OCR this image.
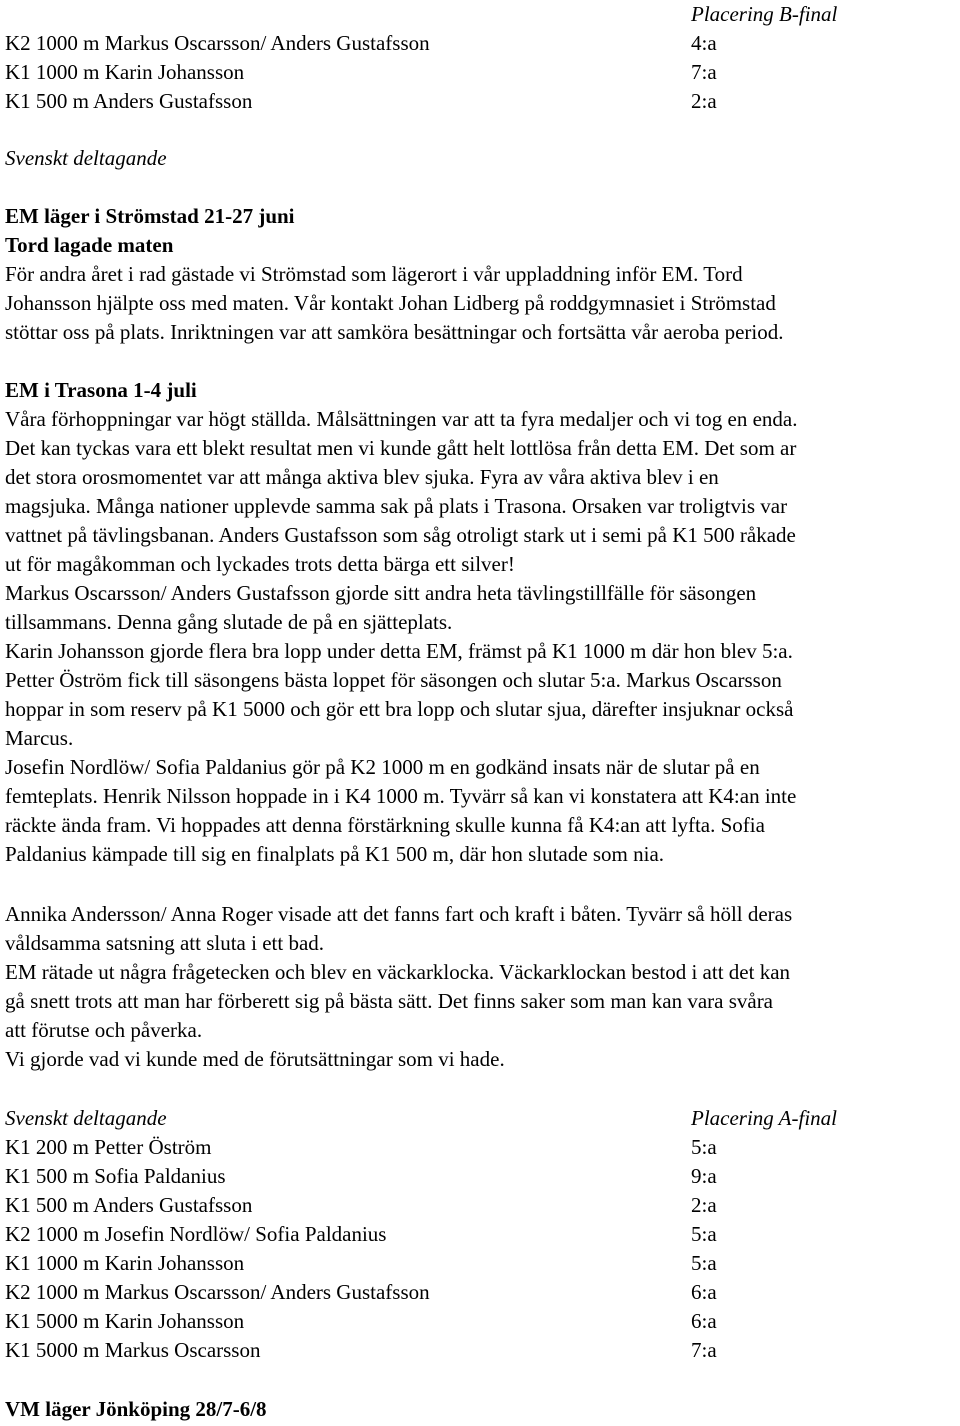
Placering B-final
K2 1000 m Markus Oscarsson/ Anders Gustafsson	4:a
K1 1000 m Karin Johansson	7:a
K1 500 m Anders Gustafsson	2:a
Svenskt deltagande
EM läger i Strömstad 21-27 juni
Tord lagade maten
För andra året i rad gästade vi Strömstad som lägerort i vår uppladdning inför EM. Tord
Johansson hjälpte oss med maten. Vår kontakt Johan Lidberg på roddgymnasiet i Strömstad
stöttar oss på plats. Inriktningen var att samköra besättningar och fortsätta vår aeroba period.
EM i Trasona 1-4 juli
Våra förhoppningar var högt ställda. Målsättningen var att ta fyra medaljer och vi tog en enda.
Det kan tyckas vara ett blekt resultat men vi kunde gått helt lottlösa från detta EM. Det som ar
det stora orosmomentet var att många aktiva blev sjuka. Fyra av våra aktiva blev i en
magsjuka. Många nationer upplevde samma sak på plats i Trasona. Orsaken var troligtvis var
vattnet på tävlingsbanan. Anders Gustafsson som såg otroligt stark ut i semi på K1 500 råkade
ut för magåkomman och lyckades trots detta bärga ett silver!
Markus Oscarsson/ Anders Gustafsson gjorde sitt andra heta tävlingstillfälle för säsongen
tillsammans. Denna gång slutade de på en sjätteplats.
Karin Johansson gjorde flera bra lopp under detta EM, främst på K1 1000 m där hon blev 5:a.
Petter Öström fick till säsongens bästa loppet för säsongen och slutar 5:a. Markus Oscarsson
hoppar in som reserv på K1 5000 och gör ett bra lopp och slutar sjua, därefter insjuknar också
Marcus.
Josefin Nordlöw/ Sofia Paldanius gör på K2 1000 m en godkänd insats när de slutar på en
femteplats. Henrik Nilsson hoppade in i K4 1000 m. Tyvärr så kan vi konstatera att K4:an inte
räckte ända fram. Vi hoppades att denna förstärkning skulle kunna få K4:an att lyfta. Sofia
Paldanius kämpade till sig en finalplats på K1 500 m, där hon slutade som nia.
Annika Andersson/ Anna Roger visade att det fanns fart och kraft i båten. Tyvärr så höll deras
våldsamma satsning att sluta i ett bad.
EM rätade ut några frågetecken och blev en väckarklocka. Väckarklockan bestod i att det kan
gå snett trots att man har förberett sig på bästa sätt. Det finns saker som man kan vara svåra
att förutse och påverka.
Vi gjorde vad vi kunde med de förutsättningar som vi hade.
Svenskt deltagande	Placering A-final
K1 200 m Petter Öström	5:a
K1 500 m Sofia Paldanius	9:a
K1 500 m Anders Gustafsson	2:a
K2 1000 m Josefin Nordlöw/ Sofia Paldanius	5:a
K1 1000 m Karin Johansson	5:a
K2 1000 m Markus Oscarsson/ Anders Gustafsson	6:a
K1 5000 m Karin Johansson	6:a
K1 5000 m Markus Oscarsson	7:a
VM läger Jönköping 28/7-6/8
